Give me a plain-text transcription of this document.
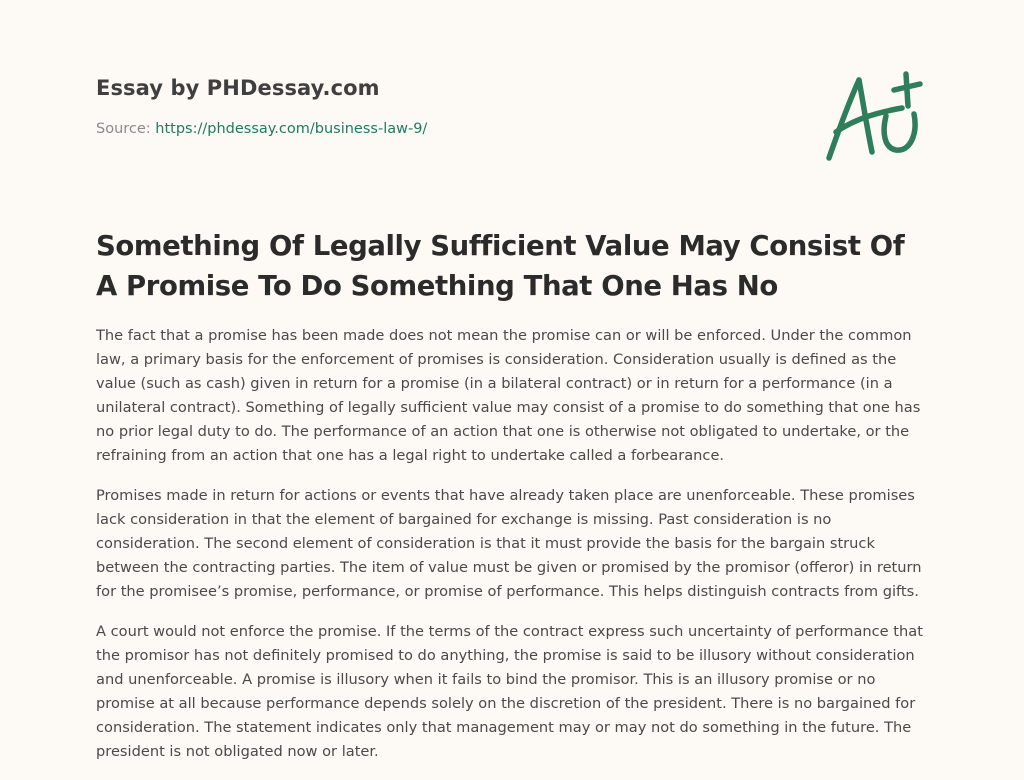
Essay by PHDessay.com
Source: https://phdessay.com/business-law-9/
Something Of Legally Sufficient Value May Consist Of A Promise To Do Something That One Has No

The fact that a promise has been made does not mean the promise can or will be enforced. Under the common law, a primary basis for the enforcement of promises is consideration. Consideration usually is defined as the value (such as cash) given in return for a promise (in a bilateral contract) or in return for a performance (in a unilateral contract). Something of legally sufficient value may consist of a promise to do something that one has no prior legal duty to do. The performance of an action that one is otherwise not obligated to undertake, or the refraining from an action that one has a legal right to undertake called a forbearance.

Promises made in return for actions or events that have already taken place are unenforceable. These promises lack consideration in that the element of bargained for exchange is missing. Past consideration is no consideration. The second element of consideration is that it must provide the basis for the bargain struck between the contracting parties. The item of value must be given or promised by the promisor (offeror) in return for the promisee’s promise, performance, or promise of performance. This helps distinguish contracts from gifts.

A court would not enforce the promise. If the terms of the contract express such uncertainty of performance that the promisor has not definitely promised to do anything, the promise is said to be illusory without consideration and unenforceable. A promise is illusory when it fails to bind the promisor. This is an illusory promise or no promise at all because performance depends solely on the discretion of the president. There is no bargained for consideration. The statement indicates only that management may or may not do something in the future. The president is not obligated now or later.
